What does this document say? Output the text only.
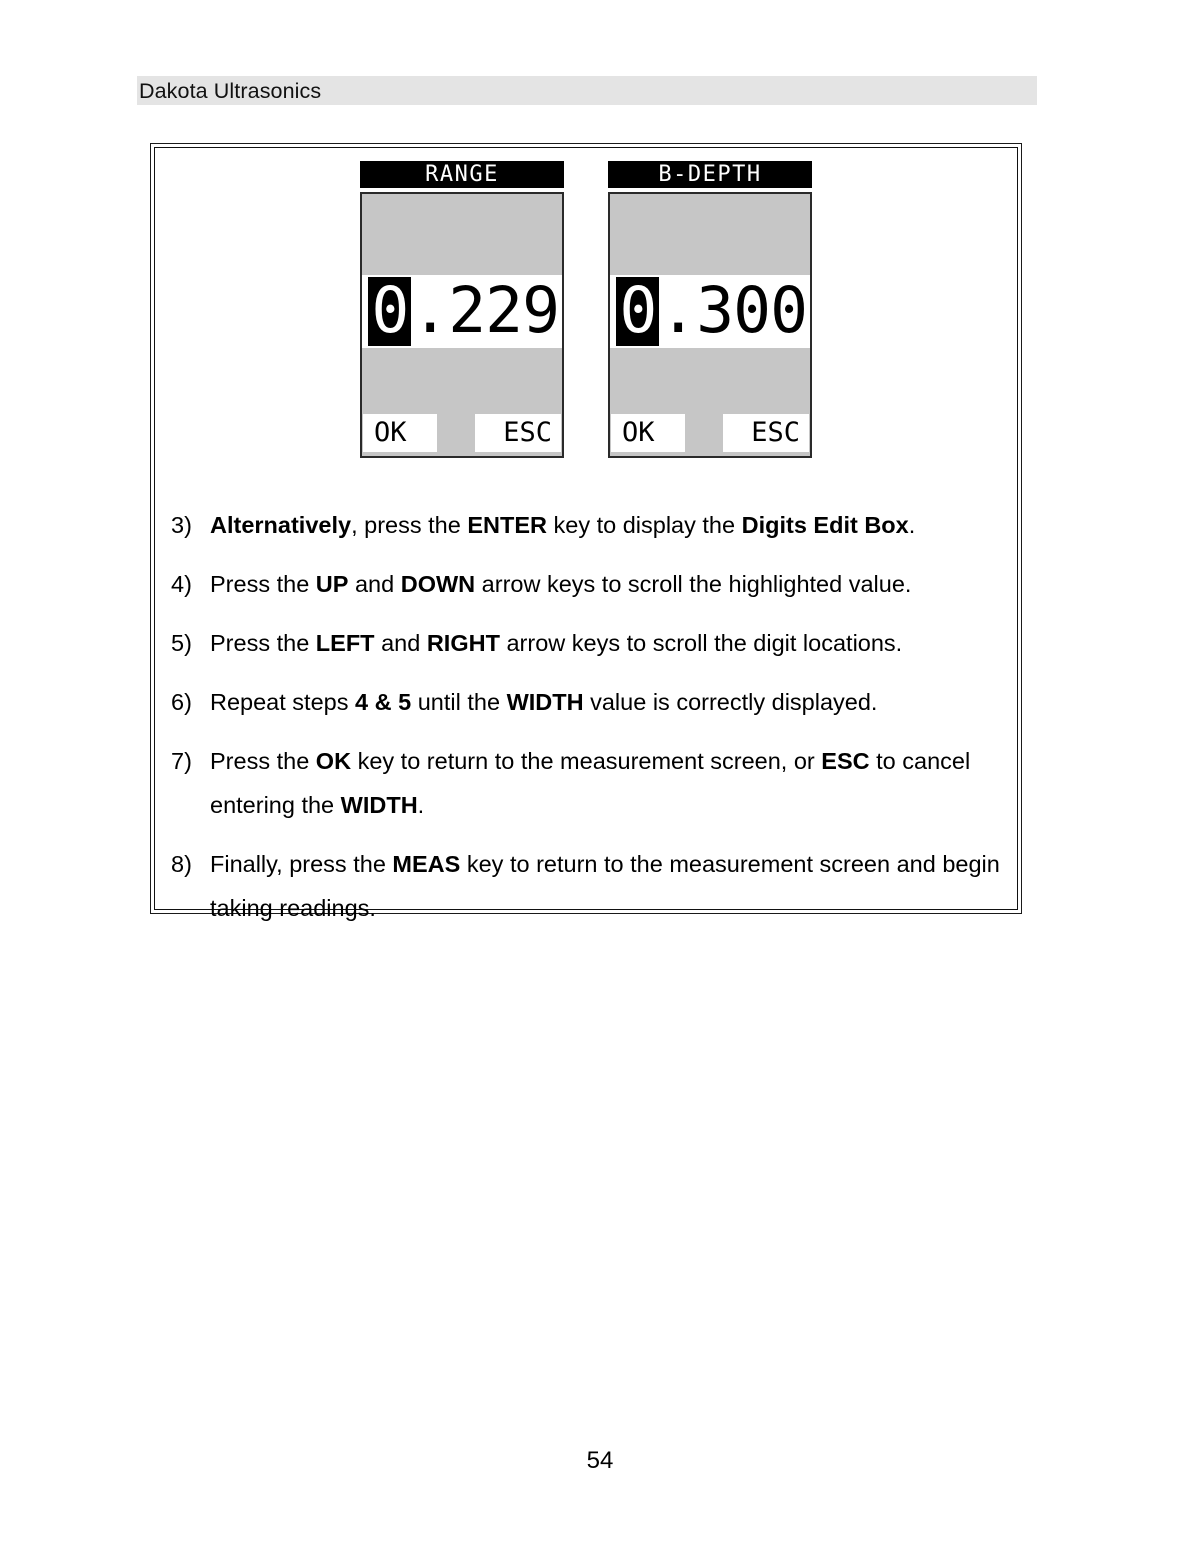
Dakota Ultrasonics
RANGE
0 .229
OK	ESC
B-DEPTH
0 .300
OK	ESC
3) Alternatively, press the ENTER key to display the Digits Edit Box.
4) Press the UP and DOWN arrow keys to scroll the highlighted value.
5) Press the LEFT and RIGHT arrow keys to scroll the digit locations.
6) Repeat steps 4 & 5 until the WIDTH value is correctly displayed.
7) Press the OK key to return to the measurement screen, or ESC to cancel entering the WIDTH.
8) Finally, press the MEAS key to return to the measurement screen and begin taking readings.
54
